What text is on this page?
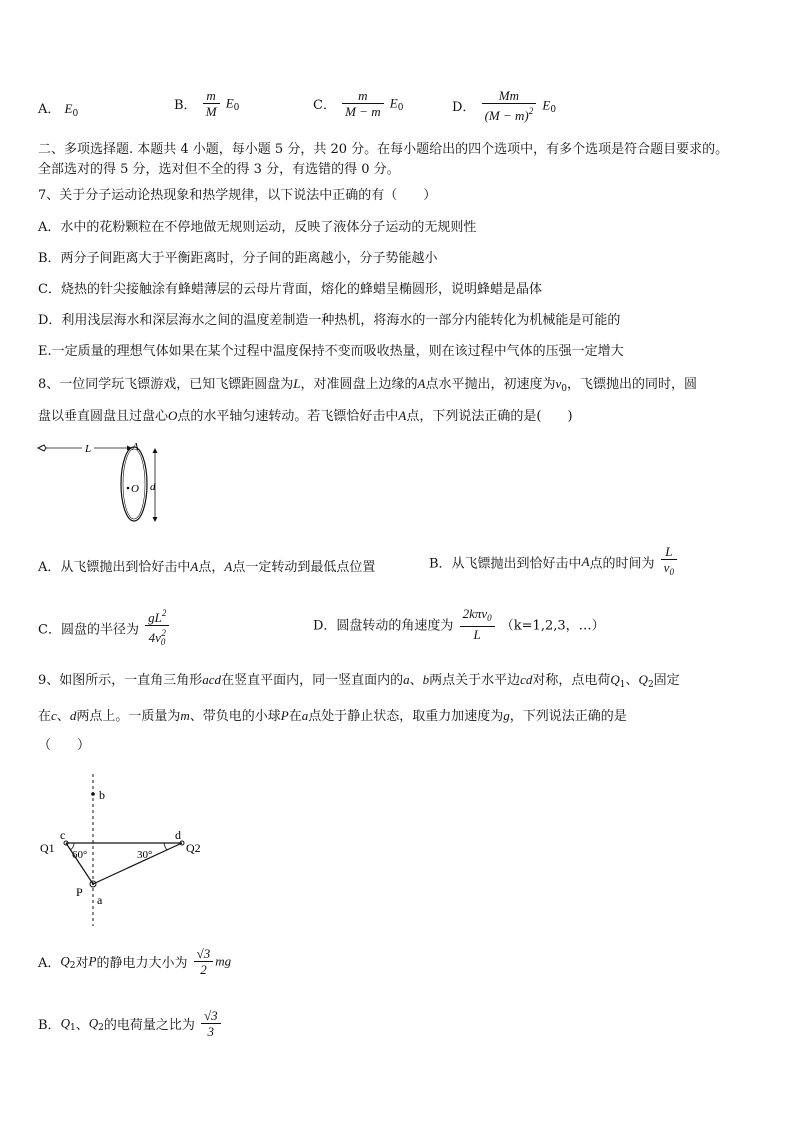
A． $E_0$
B． $\frac{m}{M} E_0$	C． $\frac{m}{M - m} E_0$	D． $\frac{Mm}{(M - m)^2} E_0$
二、多项选择题. 本题共 4 小题，每小题 5 分，共 20 分。在每小题给出的四个选项中，有多个选项是符合题目要求的。
全部选对的得 5 分，选对但不全的得 3 分，有选错的得 0 分。
7、关于分子运动论热现象和热学规律，以下说法中正确的有（　　）
A．水中的花粉颗粒在不停地做无规则运动，反映了液体分子运动的无规则性
B．两分子间距离大于平衡距离时，分子间的距离越小，分子势能越小
C．烧热的针尖接触涂有蜂蜡薄层的云母片背面，熔化的蜂蜡呈椭圆形，说明蜂蜡是晶体
D．利用浅层海水和深层海水之间的温度差制造一种热机，将海水的一部分内能转化为机械能是可能的
E.一定质量的理想气体如果在某个过程中温度保持不变而吸收热量，则在该过程中气体的压强一定增大
8、一位同学玩飞镖游戏，已知飞镖距圆盘为L，对准圆盘上边缘的A点水平抛出，初速度为$v_0$，飞镖抛出的同时，圆
盘以垂直圆盘且过盘心O点的水平轴匀速转动。若飞镖恰好击中A点，下列说法正确的是(　　)
L	A
O d
A．从飞镖抛出到恰好击中A点，A点一定转动到最低点位置	B．从飞镖抛出到恰好击中A点的时间为 $\frac{L}{v_0}$
C．圆盘的半径为 $\frac{gL^2}{4v_0^2}$	D．圆盘转动的角速度为 $\frac{2k\pi v_0}{L} (k=1,2,3$，…）
9、如图所示，一直角三角形acd在竖直平面内，同一竖直面内的a、b两点关于水平边cd对称，点电荷$Q_1$、$Q_2$固定
在c、d两点上。一质量为m、带负电的小球P在a点处于静止状态，取重力加速度为g，下列说法正确的是
（　　）
b
c	d
Q1	Q2
60°	30°
P
a
A．$Q_2$对P的静电力大小为 $\frac{√3}{2}$ mg
B．$Q_1$、$Q_2$的电荷量之比为 $\frac{√3}{3}$
